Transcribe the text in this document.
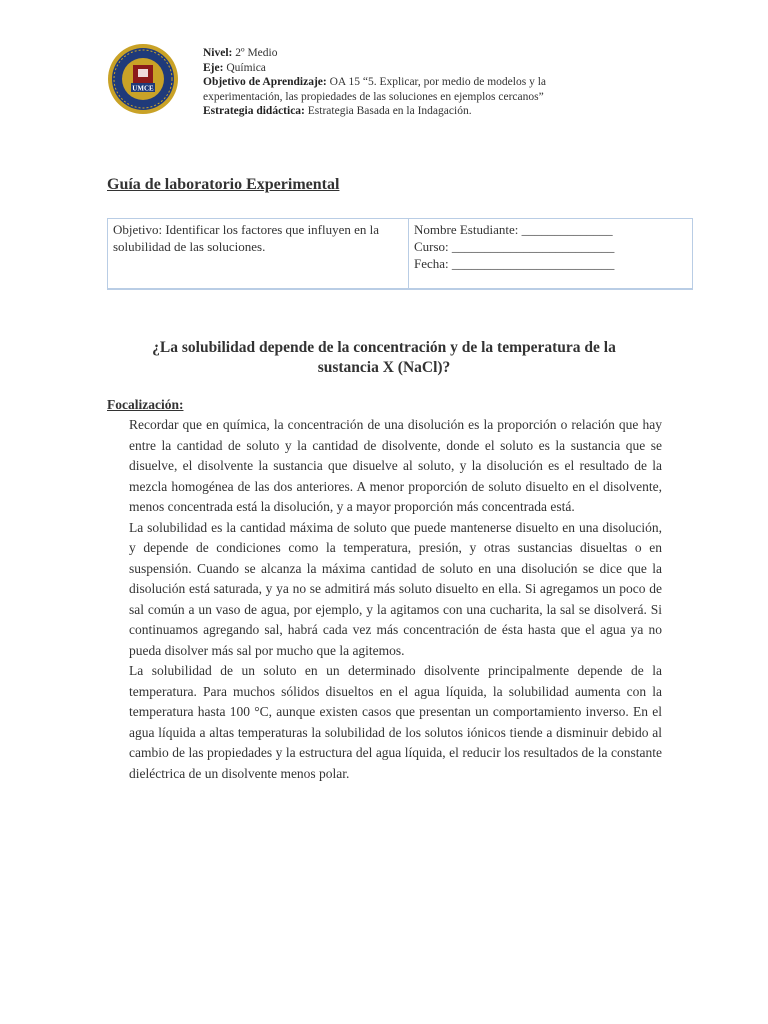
UMCE
Nivel: 2º Medio
Eje: Química
Objetivo de Aprendizaje: OA 15 “5. Explicar, por medio de modelos y la experimentación, las propiedades de las soluciones en ejemplos cercanos”
Estrategia didáctica: Estrategia Basada en la Indagación.
Guía de laboratorio Experimental
Objetivo: Identificar los factores que influyen en la solubilidad de las soluciones.	
Nombre Estudiante: ______________
Curso: _________________________
Fecha: _________________________
¿La solubilidad depende de la concentración y de la temperatura de la sustancia X (NaCl)?
Focalización:

Recordar que en química, la concentración de una disolución es la proporción o relación que hay entre la cantidad de soluto y la cantidad de disolvente, donde el soluto es la sustancia que se disuelve, el disolvente la sustancia que disuelve al soluto, y la disolución es el resultado de la mezcla homogénea de las dos anteriores. A menor proporción de soluto disuelto en el disolvente, menos concentrada está la disolución, y a mayor proporción más concentrada está.

La solubilidad es la cantidad máxima de soluto que puede mantenerse disuelto en una disolución, y depende de condiciones como la temperatura, presión, y otras sustancias disueltas o en suspensión. Cuando se alcanza la máxima cantidad de soluto en una disolución se dice que la disolución está saturada, y ya no se admitirá más soluto disuelto en ella. Si agregamos un poco de sal común a un vaso de agua, por ejemplo, y la agitamos con una cucharita, la sal se disolverá. Si continuamos agregando sal, habrá cada vez más concentración de ésta hasta que el agua ya no pueda disolver más sal por mucho que la agitemos.

La solubilidad de un soluto en un determinado disolvente principalmente depende de la temperatura. Para muchos sólidos disueltos en el agua líquida, la solubilidad aumenta con la temperatura hasta 100 °C, aunque existen casos que presentan un comportamiento inverso. En el agua líquida a altas temperaturas la solubilidad de los solutos iónicos tiende a disminuir debido al cambio de las propiedades y la estructura del agua líquida, el reducir los resultados de la constante dieléctrica de un disolvente menos polar.
